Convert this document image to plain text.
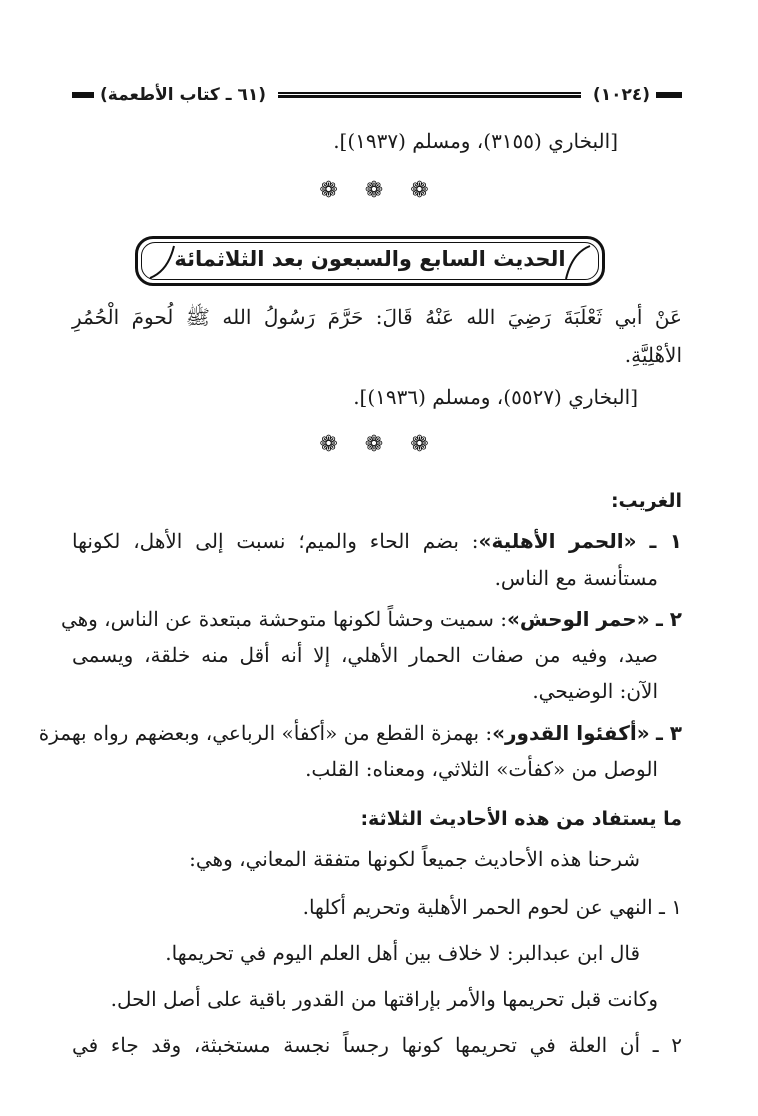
(٦١ ـ كتاب الأطعمة)	(١٠٢٤)
[البخاري (٣١٥٥)، ومسلم (١٩٣٧)].
❁ ❁ ❁
الحديث السابع والسبعون بعد الثلاثمائة
عَنْ أبي ثَعْلَبَةَ رَضِيَ الله عَنْهُ قَالَ: حَرَّمَ رَسُولُ الله ﷺ لُحومَ الْحُمُرِ
الأهْلِيَّةِ.
[البخاري (٥٥٢٧)، ومسلم (١٩٣٦)].
❁ ❁ ❁
الغريب:
١ ـ «الحمر الأهلية»: بضم الحاء والميم؛ نسبت إلى الأهل، لكونها
مستأنسة مع الناس.
٢ ـ «حمر الوحش»: سميت وحشاً لكونها متوحشة مبتعدة عن الناس، وهي
صيد، وفيه من صفات الحمار الأهلي، إلا أنه أقل منه خلقة، ويسمى
الآن: الوضيحي.
٣ ـ «أكفئوا القدور»: بهمزة القطع من «أكفأ» الرباعي، وبعضهم رواه بهمزة
الوصل من «كفأت» الثلاثي، ومعناه: القلب.
ما يستفاد من هذه الأحاديث الثلاثة:
شرحنا هذه الأحاديث جميعاً لكونها متفقة المعاني، وهي:
١ ـ النهي عن لحوم الحمر الأهلية وتحريم أكلها.
قال ابن عبدالبر: لا خلاف بين أهل العلم اليوم في تحريمها.
وكانت قبل تحريمها والأمر بإراقتها من القدور باقية على أصل الحل.
٢ ـ أن العلة في تحريمها كونها رجساً نجسة مستخبثة، وقد جاء في
